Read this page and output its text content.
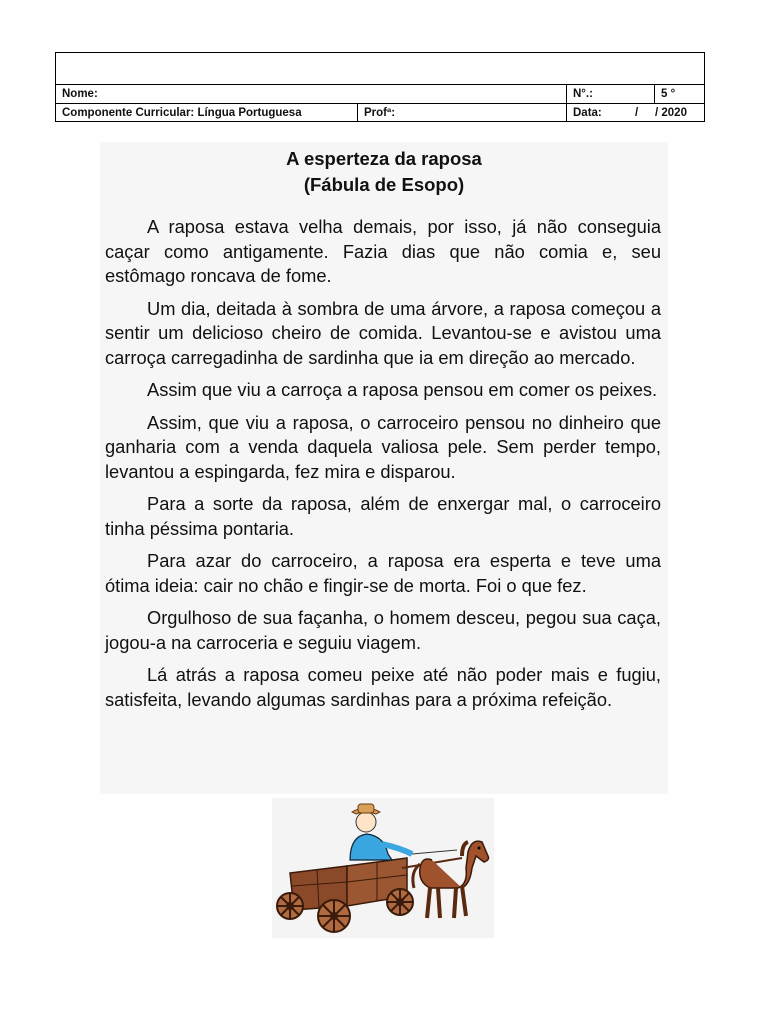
Nome:	N°.:	5 °
Componente Curricular: Língua Portuguesa	Profª:	Data:	/ / 2020
A esperteza da raposa
(Fábula de Esopo)

A raposa estava velha demais, por isso, já não conseguia caçar como antigamente. Fazia dias que não comia e, seu estômago roncava de fome.

Um dia, deitada à sombra de uma árvore, a raposa começou a sentir um delicioso cheiro de comida. Levantou-se e avistou uma carroça carregadinha de sardinha que ia em direção ao mercado.

Assim que viu a carroça a raposa pensou em comer os peixes.

Assim, que viu a raposa, o carroceiro pensou no dinheiro que ganharia com a venda daquela valiosa pele. Sem perder tempo, levantou a espingarda, fez mira e disparou.

Para a sorte da raposa, além de enxergar mal, o carroceiro tinha péssima pontaria.

Para azar do carroceiro, a raposa era esperta e teve uma ótima ideia: cair no chão e fingir-se de morta. Foi o que fez.

Orgulhoso de sua façanha, o homem desceu, pegou sua caça, jogou-a na carroceria e seguiu viagem.

Lá atrás a raposa comeu peixe até não poder mais e fugiu, satisfeita, levando algumas sardinhas para a próxima refeição.
